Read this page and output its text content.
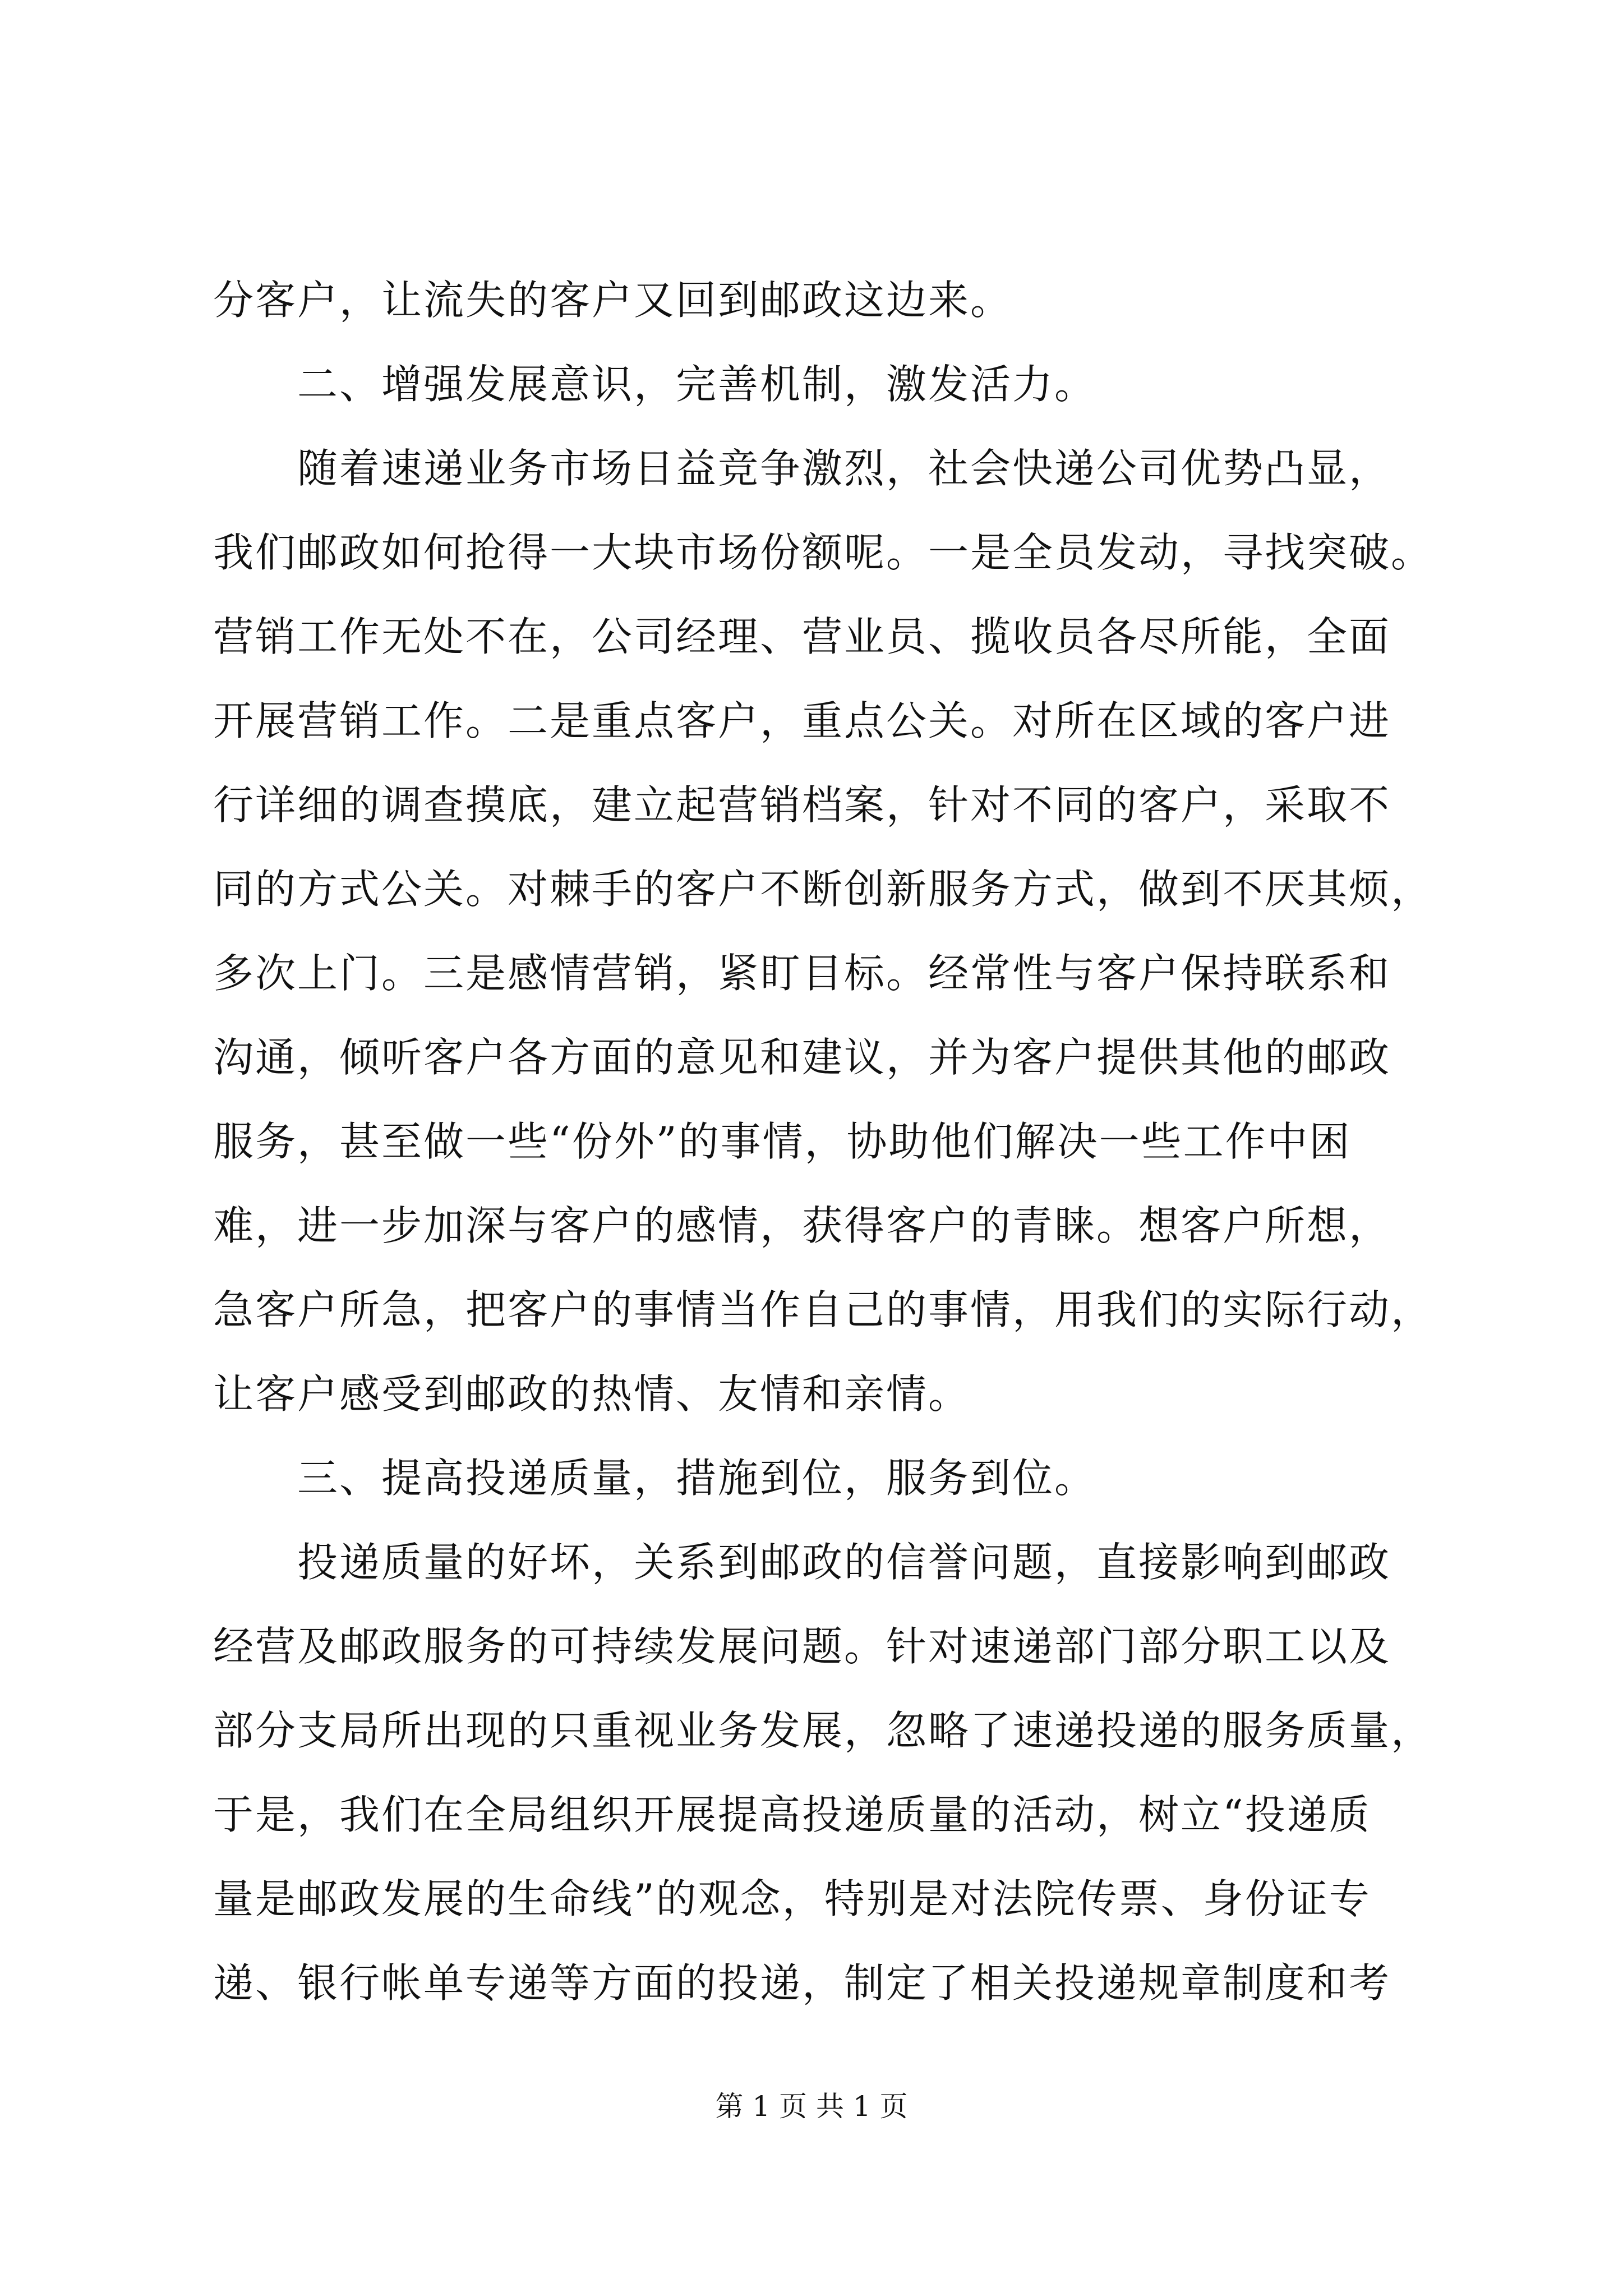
分客户，让流失的客户又回到邮政这边来。
　　二、增强发展意识，完善机制，激发活力。
　　随着速递业务市场日益竞争激烈，社会快递公司优势凸显，
我们邮政如何抢得一大块市场份额呢。一是全员发动，寻找突破。
营销工作无处不在，公司经理、营业员、揽收员各尽所能，全面
开展营销工作。二是重点客户，重点公关。对所在区域的客户进
行详细的调查摸底，建立起营销档案，针对不同的客户，采取不
同的方式公关。对棘手的客户不断创新服务方式，做到不厌其烦，
多次上门。三是感情营销，紧盯目标。经常性与客户保持联系和
沟通，倾听客户各方面的意见和建议，并为客户提供其他的邮政
服务，甚至做一些“份外”的事情，协助他们解决一些工作中困
难，进一步加深与客户的感情，获得客户的青睐。想客户所想，
急客户所急，把客户的事情当作自己的事情，用我们的实际行动，
让客户感受到邮政的热情、友情和亲情。
　　三、提高投递质量，措施到位，服务到位。
　　投递质量的好坏，关系到邮政的信誉问题，直接影响到邮政
经营及邮政服务的可持续发展问题。针对速递部门部分职工以及
部分支局所出现的只重视业务发展，忽略了速递投递的服务质量，
于是，我们在全局组织开展提高投递质量的活动，树立“投递质
量是邮政发展的生命线”的观念，特别是对法院传票、身份证专
递、银行帐单专递等方面的投递，制定了相关投递规章制度和考
第 1 页 共 1 页
